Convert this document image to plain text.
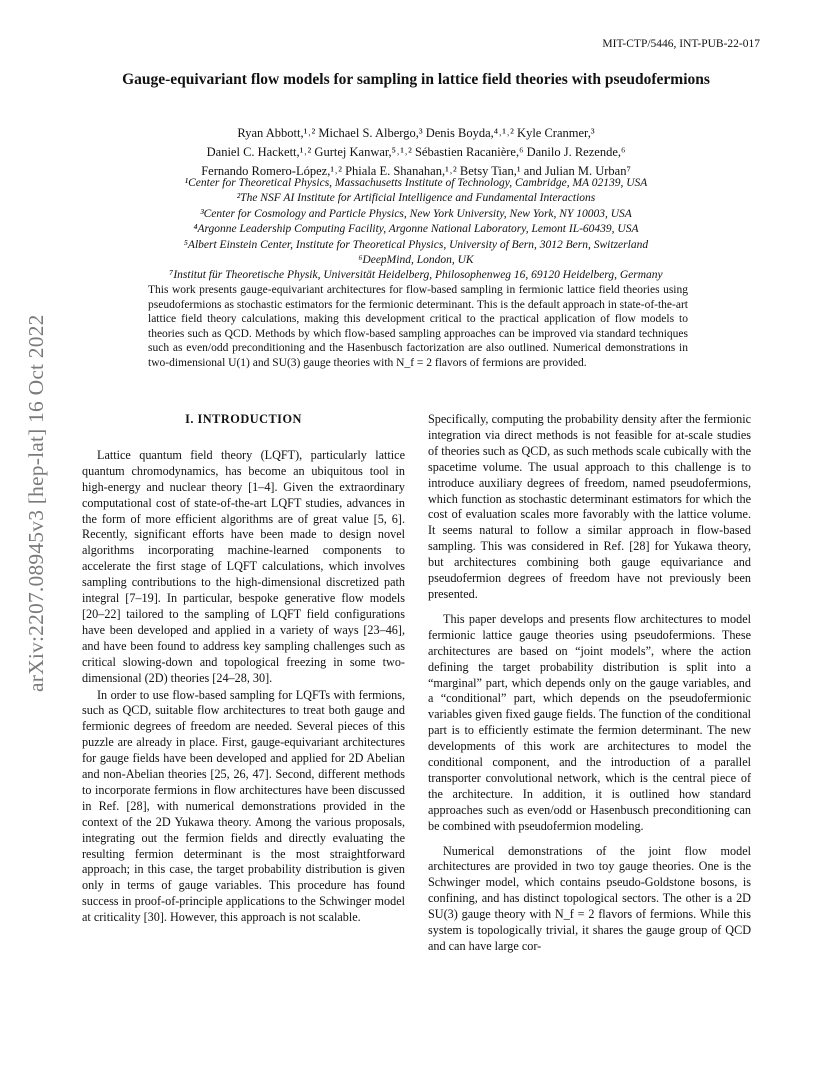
MIT-CTP/5446, INT-PUB-22-017
arXiv:2207.08945v3 [hep-lat] 16 Oct 2022
Gauge-equivariant flow models for sampling in lattice field theories with pseudofermions
Ryan Abbott,¹˒² Michael S. Albergo,³ Denis Boyda,⁴˒¹˒² Kyle Cranmer,³
Daniel C. Hackett,¹˒² Gurtej Kanwar,⁵˒¹˒² Sébastien Racanière,⁶ Danilo J. Rezende,⁶
Fernando Romero-López,¹˒² Phiala E. Shanahan,¹˒² Betsy Tian,¹ and Julian M. Urban⁷
¹Center for Theoretical Physics, Massachusetts Institute of Technology, Cambridge, MA 02139, USA
²The NSF AI Institute for Artificial Intelligence and Fundamental Interactions
³Center for Cosmology and Particle Physics, New York University, New York, NY 10003, USA
⁴Argonne Leadership Computing Facility, Argonne National Laboratory, Lemont IL-60439, USA
⁵Albert Einstein Center, Institute for Theoretical Physics, University of Bern, 3012 Bern, Switzerland
⁶DeepMind, London, UK
⁷Institut für Theoretische Physik, Universität Heidelberg, Philosophenweg 16, 69120 Heidelberg, Germany
This work presents gauge-equivariant architectures for flow-based sampling in fermionic lattice field theories using pseudofermions as stochastic estimators for the fermionic determinant. This is the default approach in state-of-the-art lattice field theory calculations, making this development critical to the practical application of flow models to theories such as QCD. Methods by which flow-based sampling approaches can be improved via standard techniques such as even/odd preconditioning and the Hasenbusch factorization are also outlined. Numerical demonstrations in two-dimensional U(1) and SU(3) gauge theories with N_f = 2 flavors of fermions are provided.
I. INTRODUCTION

Lattice quantum field theory (LQFT), particularly lattice quantum chromodynamics, has become an ubiquitous tool in high-energy and nuclear theory [1–4]. Given the extraordinary computational cost of state-of-the-art LQFT studies, advances in the form of more efficient algorithms are of great value [5, 6]. Recently, significant efforts have been made to design novel algorithms incorporating machine-learned components to accelerate the first stage of LQFT calculations, which involves sampling contributions to the high-dimensional discretized path integral [7–19]. In particular, bespoke generative flow models [20–22] tailored to the sampling of LQFT field configurations have been developed and applied in a variety of ways [23–46], and have been found to address key sampling challenges such as critical slowing-down and topological freezing in some two-dimensional (2D) theories [24–28, 30].

In order to use flow-based sampling for LQFTs with fermions, such as QCD, suitable flow architectures to treat both gauge and fermionic degrees of freedom are needed. Several pieces of this puzzle are already in place. First, gauge-equivariant architectures for gauge fields have been developed and applied for 2D Abelian and non-Abelian theories [25, 26, 47]. Second, different methods to incorporate fermions in flow architectures have been discussed in Ref. [28], with numerical demonstrations provided in the context of the 2D Yukawa theory. Among the various proposals, integrating out the fermion fields and directly evaluating the resulting fermion determinant is the most straightforward approach; in this case, the target probability distribution is given only in terms of gauge variables. This procedure has found success in proof-of-principle applications to the Schwinger model at criticality [30]. However, this approach is not scalable.

Specifically, computing the probability density after the fermionic integration via direct methods is not feasible for at-scale studies of theories such as QCD, as such methods scale cubically with the spacetime volume. The usual approach to this challenge is to introduce auxiliary degrees of freedom, named pseudofermions, which function as stochastic determinant estimators for which the cost of evaluation scales more favorably with the lattice volume. It seems natural to follow a similar approach in flow-based sampling. This was considered in Ref. [28] for Yukawa theory, but architectures combining both gauge equivariance and pseudofermion degrees of freedom have not previously been presented.

This paper develops and presents flow architectures to model fermionic lattice gauge theories using pseudofermions. These architectures are based on “joint models”, where the action defining the target probability distribution is split into a “marginal” part, which depends only on the gauge variables, and a “conditional” part, which depends on the pseudofermionic variables given fixed gauge fields. The function of the conditional part is to efficiently estimate the fermion determinant. The new developments of this work are architectures to model the conditional component, and the introduction of a parallel transporter convolutional network, which is the central piece of the architecture. In addition, it is outlined how standard approaches such as even/odd or Hasenbusch preconditioning can be combined with pseudofermion modeling.

Numerical demonstrations of the joint flow model architectures are provided in two toy gauge theories. One is the Schwinger model, which contains pseudo-Goldstone bosons, is confining, and has distinct topological sectors. The other is a 2D SU(3) gauge theory with N_f = 2 flavors of fermions. While this system is topologically trivial, it shares the gauge group of QCD and can have large cor-
